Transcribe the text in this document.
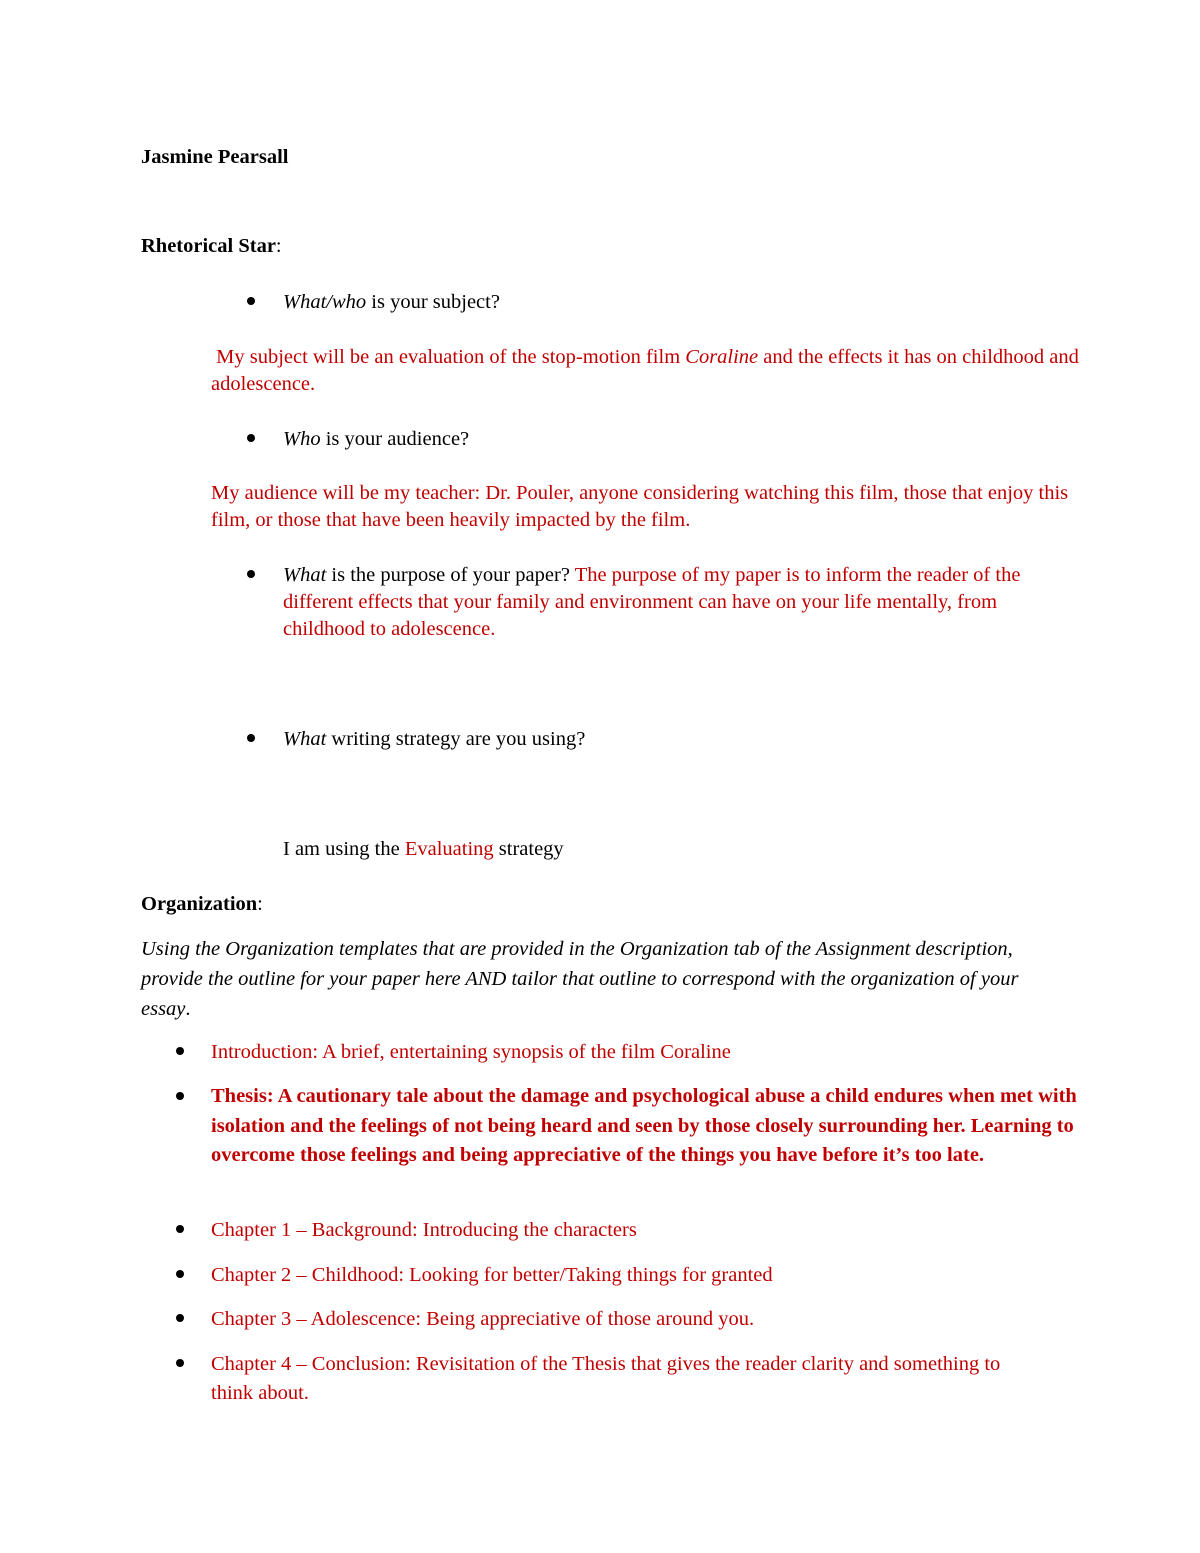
Jasmine Pearsall
Rhetorical Star:
What/who is your subject?
My subject will be an evaluation of the stop-motion film Coraline and the effects it has on childhood and adolescence.
Who is your audience?
My audience will be my teacher: Dr. Pouler, anyone considering watching this film, those that enjoy this film, or those that have been heavily impacted by the film.
What is the purpose of your paper? The purpose of my paper is to inform the reader of the different effects that your family and environment can have on your life mentally, from childhood to adolescence.
What writing strategy are you using?
I am using the Evaluating strategy
Organization:
Using the Organization templates that are provided in the Organization tab of the Assignment description, provide the outline for your paper here AND tailor that outline to correspond with the organization of your essay.
Introduction: A brief, entertaining synopsis of the film Coraline
Thesis: A cautionary tale about the damage and psychological abuse a child endures when met with isolation and the feelings of not being heard and seen by those closely surrounding her. Learning to overcome those feelings and being appreciative of the things you have before it’s too late.
Chapter 1 – Background: Introducing the characters
Chapter 2 – Childhood: Looking for better/Taking things for granted
Chapter 3 – Adolescence: Being appreciative of those around you.
Chapter 4 – Conclusion: Revisitation of the Thesis that gives the reader clarity and something to think about.
